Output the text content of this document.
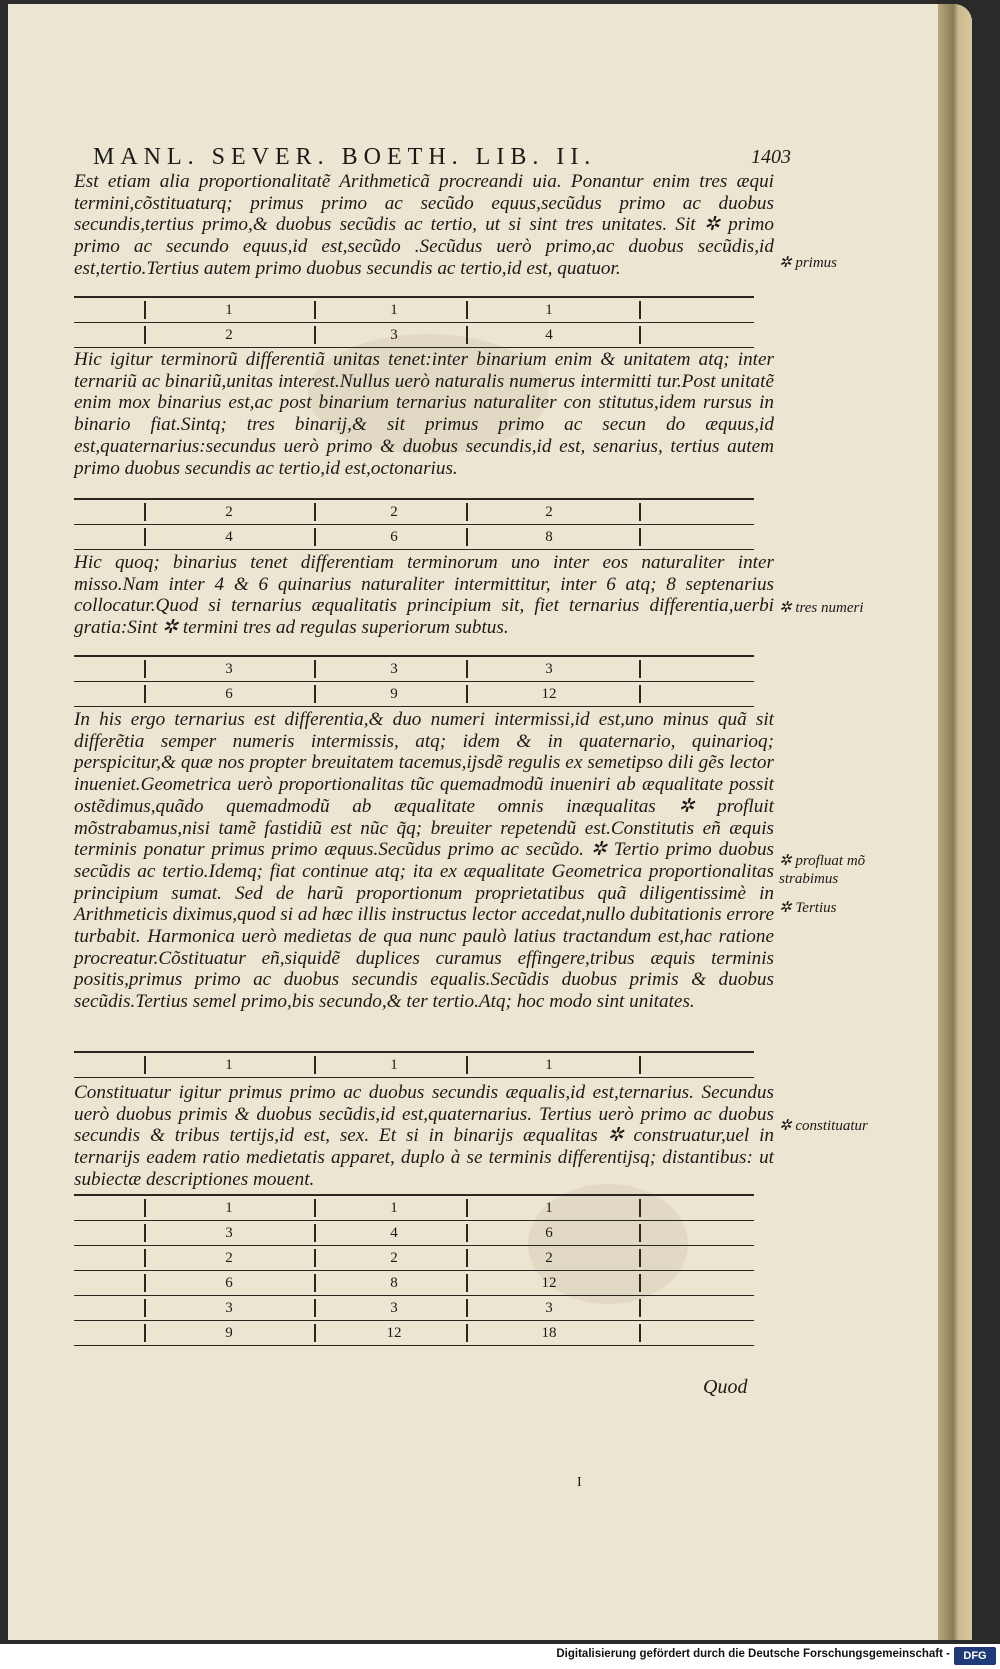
MANL. SEVER. BOETH. LIB. II.	1403
Est etiam alia proportionalitatẽ Arithmeticã procreandi uia. Ponantur enim tres æqui termini,cõstituaturq; primus primo ac secũdo equus,secũdus primo ac duobus secundis,tertius primo,& duobus secũdis ac tertio, ut si sint tres unitates. Sit ✲ primo primo ac secundo equus,id est,secũdo .Secũdus uerò primo,ac duobus secũdis,id est,tertio.Tertius autem primo duobus secundis ac tertio,id est, quatuor.	✲ primus
1	1	1
2	3	4
Hic igitur terminorũ differentiã unitas tenet:inter binarium enim & unitatem atq; inter ternariũ ac binariũ,unitas interest.Nullus uerò naturalis numerus intermitti tur.Post unitatẽ enim mox binarius est,ac post binarium ternarius naturaliter con stitutus,idem rursus in binario fiat.Sintq; tres binarij,& sit primus primo ac secun do æquus,id est,quaternarius:secundus uerò primo & duobus secundis,id est, senarius, tertius autem primo duobus secundis ac tertio,id est,octonarius.
2	2	2
4	6	8
Hic quoq; binarius tenet differentiam terminorum uno inter eos naturaliter inter misso.Nam inter 4 & 6 quinarius naturaliter intermittitur, inter 6 atq; 8 septenarius collocatur.Quod si ternarius æqualitatis principium sit, fiet ternarius differentia,uerbi gratia:Sint ✲ termini tres ad regulas superiorum subtus.
✲ tres numeri
3	3	3
6	9	12
In his ergo ternarius est differentia,& duo numeri intermissi,id est,uno minus quã sit differẽtia semper numeris intermissis, atq; idem & in quaternario, quinarioq; perspicitur,& quæ nos propter breuitatem tacemus,ijsdẽ regulis ex semetipso dili gẽs lector inueniet.Geometrica uerò proportionalitas tũc quemadmodũ inueniri ab æqualitate possit ostẽdimus,quãdo quemadmodũ ab æqualitate omnis inæqualitas ✲ profluit mõstrabamus,nisi tamẽ fastidiũ est nũc q̃q; breuiter repetendũ est.Constitutis eñ æquis terminis ponatur primus primo æquus.Secũdus primo ac secũdo. ✲ Tertio primo duobus secũdis ac tertio.Idemq; fiat continue atq; ita ex æqualitate Geometrica proportionalitas principium sumat. Sed de harũ proportionum proprietatibus quã diligentissimè in Arithmeticis diximus,quod si ad hæc illis instructus lector accedat,nullo dubitationis errore turbabit. Harmonica uerò medietas de qua nunc paulò latius tractandum est,hac ratione procreatur.Cõstituatur eñ,siquidẽ duplices curamus effingere,tribus æquis terminis positis,primus primo ac duobus secundis equalis.Secũdis duobus primis & duobus secũdis.Tertius semel primo,bis secundo,& ter tertio.Atq; hoc modo sint unitates.
✲ profluat mõ strabimus
✲ Tertius
1	1	1
Constituatur igitur primus primo ac duobus secundis æqualis,id est,ternarius. Secundus uerò duobus primis & duobus secũdis,id est,quaternarius. Tertius uerò primo ac duobus secundis & tribus tertijs,id est, sex. Et si in binarijs æqualitas ✲ construatur,uel in ternarijs eadem ratio medietatis apparet, duplo à se terminis differentijsq; distantibus: ut subiectæ descriptiones mouent.
✲ constituatur
1	1	1
3	4	6
2	2	2
6	8	12
3	3	3
9	12	18
Quod
I
Digitalisierung gefördert durch die Deutsche Forschungsgemeinschaft -	DFG
